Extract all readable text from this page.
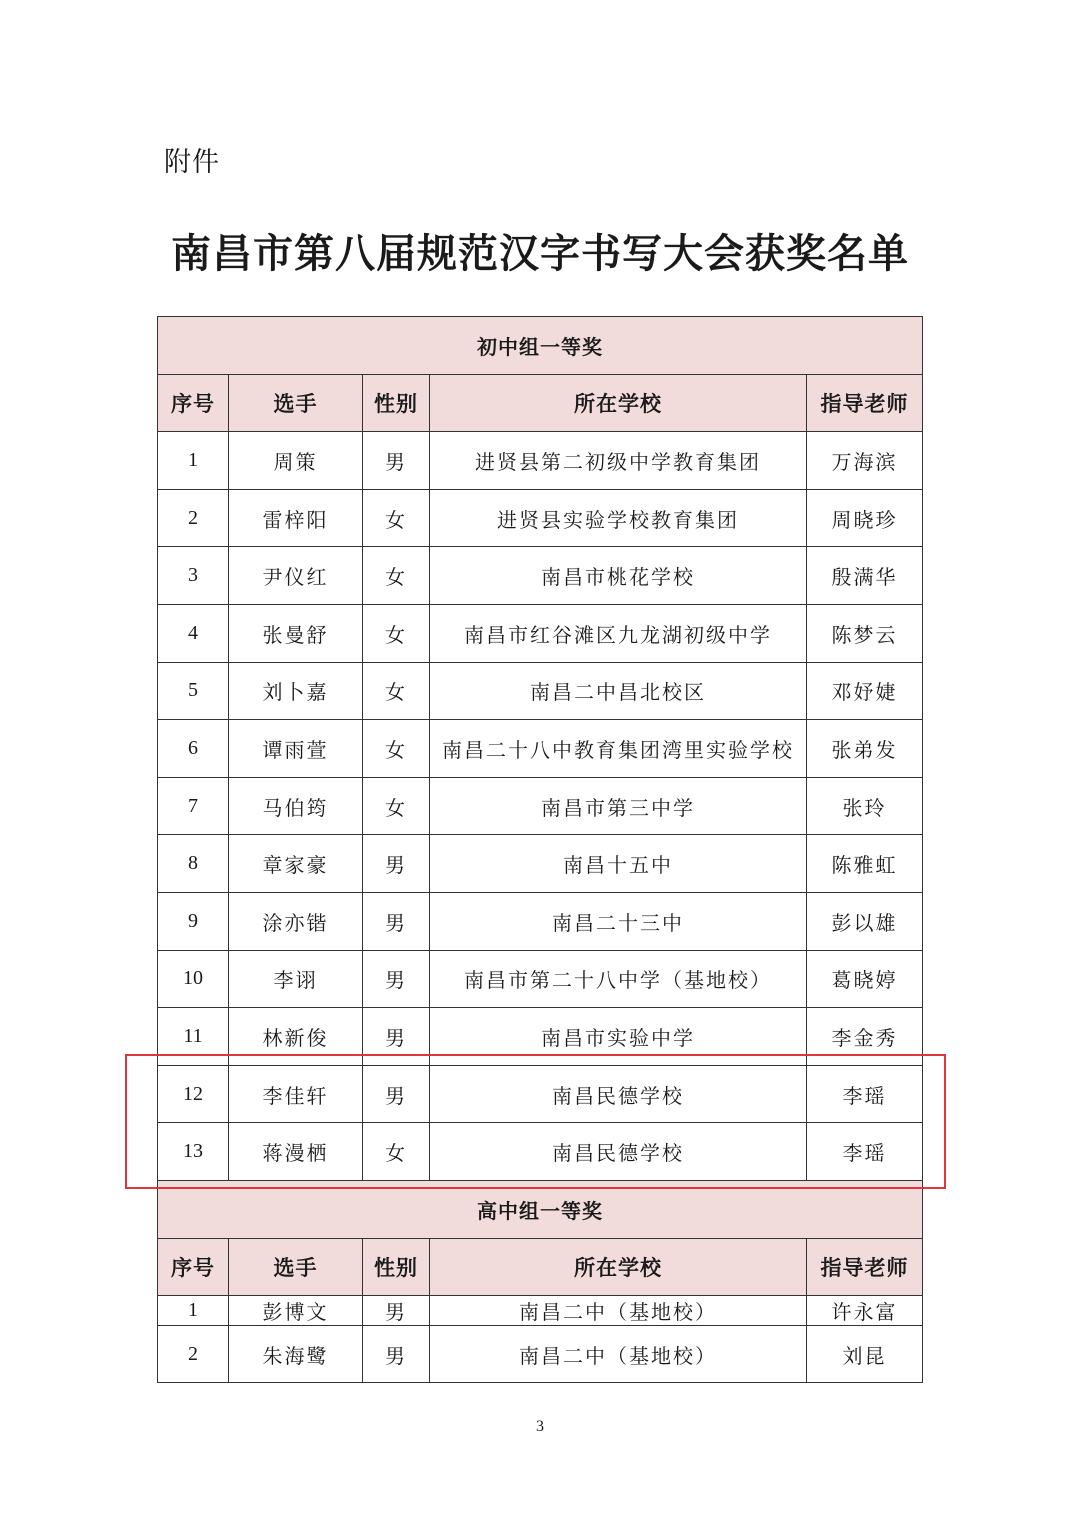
附件
南昌市第八届规范汉字书写大会获奖名单
初中组一等奖				
序号	选手	性别	所在学校	指导老师
1	周策	男	进贤县第二初级中学教育集团	万海滨
2	雷梓阳	女	进贤县实验学校教育集团	周晓珍
3	尹仪红	女	南昌市桃花学校	殷满华
4	张曼舒	女	南昌市红谷滩区九龙湖初级中学	陈梦云
5	刘卜嘉	女	南昌二中昌北校区	邓妤婕
6	谭雨萱	女	南昌二十八中教育集团湾里实验学校	张弟发
7	马伯筠	女	南昌市第三中学	张玲
8	章家豪	男	南昌十五中	陈雅虹
9	涂亦锴	男	南昌二十三中	彭以雄
10	李诩	男	南昌市第二十八中学（基地校）	葛晓婷
11	林新俊	男	南昌市实验中学	李金秀
12	李佳轩	男	南昌民德学校	李瑶
13	蒋漫栖	女	南昌民德学校	李瑶
高中组一等奖				
序号	选手	性别	所在学校	指导老师
1	彭博文	男	南昌二中（基地校）	许永富
2	朱海鹭	男	南昌二中（基地校）	刘昆
3
